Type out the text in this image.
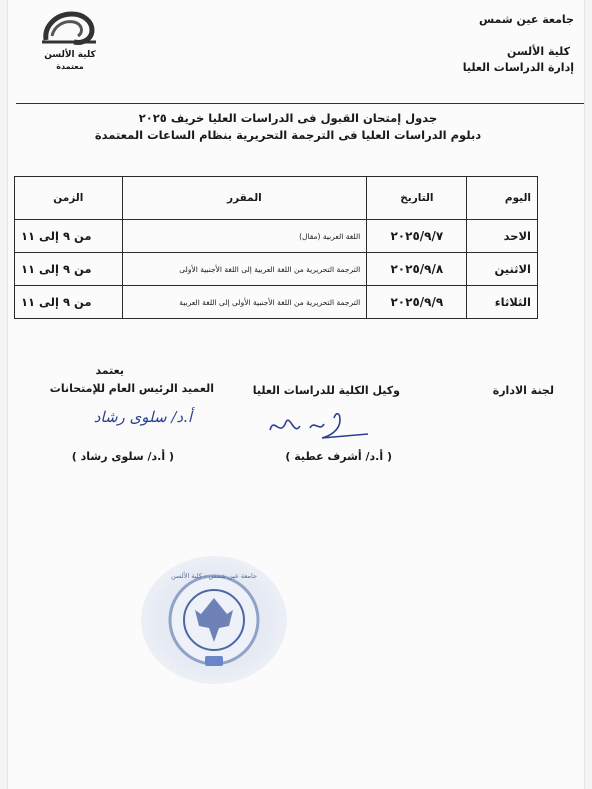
كلية الألسن
معتمدة
جامعة عين شمس
كلية الألسن
إدارة الدراسات العليا
جدول إمتحان القبول فى الدراسات العليا خريف ٢٠٢٥
دبلوم الدراسات العليا فى الترجمة التحريرية بنظام الساعات المعتمدة
اليوم	التاريخ	المقرر	الزمن
الاحد	٢٠٢٥/٩/٧	اللغة العربية (مقال)	من ٩ إلى ١١
الاثنين	٢٠٢٥/٩/٨	الترجمة التحريرية من اللغة العربية إلى اللغة الأجنبية الأولى	من ٩ إلى ١١
الثلاثاء	٢٠٢٥/٩/٩	الترجمة التحريرية من اللغة الأجنبية الأولى إلى اللغة العربية	من ٩ إلى ١١
لجنة الادارة
وكيل الكلية للدراسات العليا
( أ.د/ أشرف عطية )
يعتمد
العميد الرئيس العام للإمتحانات
أ.د/ سلوى رشاد
( أ.د/ سلوى رشاد )
جامعة عين شمس - كلية الألسن
